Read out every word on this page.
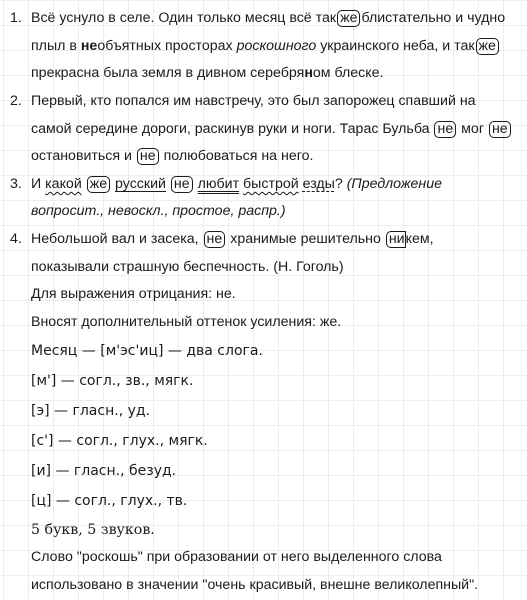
1. Всё уснуло в селе. Один только месяц всё так же блистательно и чудно
плыл в необъятных просторах роскошного украинского неба, и так же
прекрасна была земля в дивном серебряном блеске.
2. Первый, кто попался им навстречу, это был запорожец спавший на
самой середине дороги, раскинув руки и ноги. Тарас Бульба не мог не
остановиться и не полюбоваться на него.
3. И какой же русский не любит быстрой езды? (Предложение
вопросит., невоскл., простое, распр.)
4. Небольшой вал и засека, не хранимые решительно никем,
показывали страшную беспечность. (Н. Гоголь)
Для выражения отрицания: не.
Вносят дополнительный оттенок усиления: же.
Месяц — [м'эс'иц] — два слога.
[м'] — согл., зв., мягк.
[э] — гласн., уд.
[с'] — согл., глух., мягк.
[и] — гласн., безуд.
[ц] — согл., глух., тв.
5 букв, 5 звуков.
Слово "роскошь" при образовании от него выделенного слова
использовано в значении "очень красивый, внешне великолепный".
